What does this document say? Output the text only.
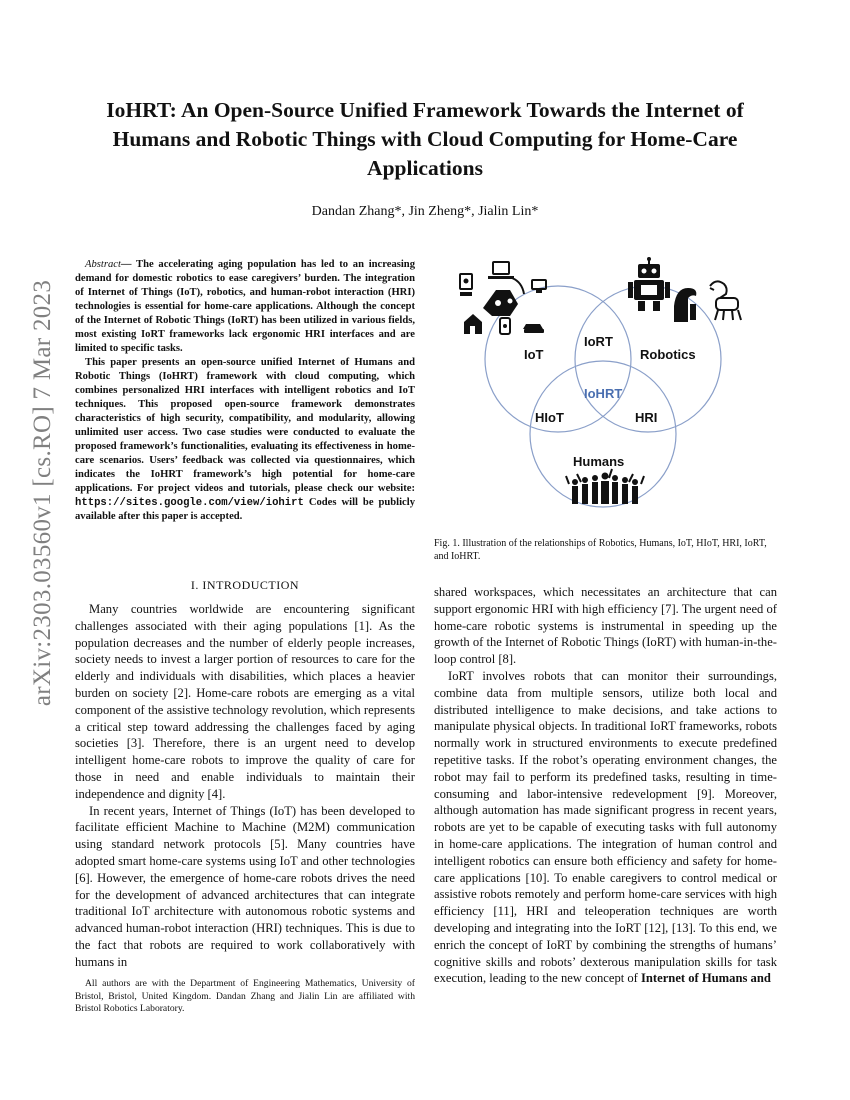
arXiv:2303.03560v1 [cs.RO] 7 Mar 2023
IoHRT: An Open-Source Unified Framework Towards the Internet of Humans and Robotic Things with Cloud Computing for Home-Care Applications
Dandan Zhang*, Jin Zheng*, Jialin Lin*

Abstract— The accelerating aging population has led to an increasing demand for domestic robotics to ease caregivers’ burden. The integration of Internet of Things (IoT), robotics, and human-robot interaction (HRI) technologies is essential for home-care applications. Although the concept of the Internet of Robotic Things (IoRT) has been utilized in various fields, most existing IoRT frameworks lack ergonomic HRI interfaces and are limited to specific tasks.

This paper presents an open-source unified Internet of Humans and Robotic Things (IoHRT) framework with cloud computing, which combines personalized HRI interfaces with intelligent robotics and IoT techniques. This proposed open-source framework demonstrates characteristics of high security, compatibility, and modularity, allowing unlimited user access. Two case studies were conducted to evaluate the proposed framework’s functionalities, evaluating its effectiveness in home-care scenarios. Users’ feedback was collected via questionnaires, which indicates the IoHRT framework’s high potential for home-care applications. For project videos and tutorials, please check our website: https://sites.google.com/view/iohirt Codes will be publicly available after this paper is accepted.

I. INTRODUCTION

Many countries worldwide are encountering significant challenges associated with their aging populations [1]. As the population decreases and the number of elderly people increases, society needs to invest a larger portion of resources to care for the elderly and individuals with disabilities, which places a heavier burden on society [2]. Home-care robots are emerging as a vital component of the assistive technology revolution, which represents a critical step toward addressing the challenges faced by aging societies [3]. Therefore, there is an urgent need to develop intelligent home-care robots to improve the quality of care for those in need and enable individuals to maintain their independence and dignity [4].

In recent years, Internet of Things (IoT) has been developed to facilitate efficient Machine to Machine (M2M) communication using standard network protocols [5]. Many countries have adopted smart home-care systems using IoT and other technologies [6]. However, the emergence of home-care robots drives the need for the development of advanced architectures that can integrate traditional IoT architecture with autonomous robotic systems and advanced human-robot interaction (HRI) techniques. This is due to the fact that robots are required to work collaboratively with humans in

All authors are with the Department of Engineering Mathematics, University of Bristol, Bristol, United Kingdom. Dandan Zhang and Jialin Lin are affiliated with Bristol Robotics Laboratory.

IoT	Robotics
IoRT
IoHRT
HIoT	HRI
Humans
Fig. 1. Illustration of the relationships of Robotics, Humans, IoT, HIoT, HRI, IoRT, and IoHRT.

shared workspaces, which necessitates an architecture that can support ergonomic HRI with high efficiency [7]. The urgent need of home-care robotic systems is instrumental in speeding up the growth of the Internet of Robotic Things (IoRT) with human-in-the-loop control [8].

IoRT involves robots that can monitor their surroundings, combine data from multiple sensors, utilize both local and distributed intelligence to make decisions, and take actions to manipulate physical objects. In traditional IoRT frameworks, robots normally work in structured environments to execute predefined repetitive tasks. If the robot’s operating environment changes, the robot may fail to perform its predefined tasks, resulting in time-consuming and labor-intensive redevelopment [9]. Moreover, although automation has made significant progress in recent years, robots are yet to be capable of executing tasks with full autonomy in home-care applications. The integration of human control and intelligent robotics can ensure both efficiency and safety for home-care applications [10]. To enable caregivers to control medical or assistive robots remotely and perform home-care services with high efficiency [11], HRI and teleoperation techniques are worth developing and integrating into the IoRT [12], [13]. To this end, we enrich the concept of IoRT by combining the strengths of humans’ cognitive skills and robots’ dexterous manipulation skills for task execution, leading to the new concept of Internet of Humans and
